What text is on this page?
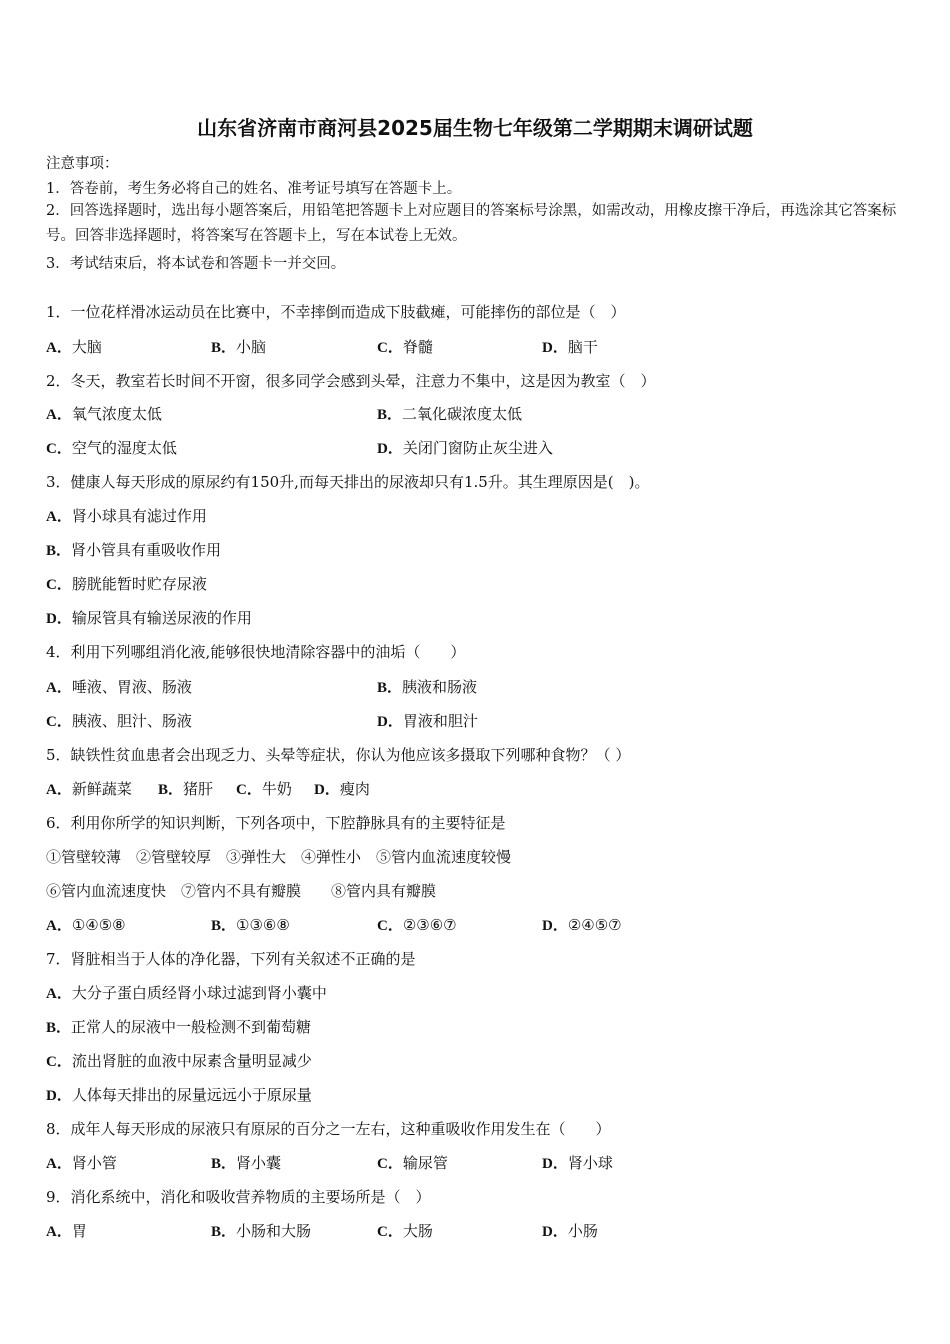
山东省济南市商河县2025届生物七年级第二学期期末调研试题
注意事项：
1．答卷前，考生务必将自己的姓名、准考证号填写在答题卡上。
2．回答选择题时，选出每小题答案后，用铅笔把答题卡上对应题目的答案标号涂黑，如需改动，用橡皮擦干净后，再选涂其它答案标号。回答非选择题时，将答案写在答题卡上，写在本试卷上无效。
3．考试结束后，将本试卷和答题卡一并交回。
1．一位花样滑冰运动员在比赛中，不幸摔倒而造成下肢截瘫，可能摔伤的部位是（　）
A．大脑	B．小脑	C．脊髓	D．脑干
2．冬天，教室若长时间不开窗，很多同学会感到头晕，注意力不集中，这是因为教室（　）
A．氧气浓度太低	B．二氧化碳浓度太低
C．空气的湿度太低	D．关闭门窗防止灰尘进入
3．健康人每天形成的原尿约有150升,而每天排出的尿液却只有1.5升。其生理原因是(　)。
A．肾小球具有滤过作用
B．肾小管具有重吸收作用
C．膀胱能暂时贮存尿液
D．输尿管具有输送尿液的作用
4．利用下列哪组消化液,能够很快地清除容器中的油垢（　　）
A．唾液、胃液、肠液	B．胰液和肠液
C．胰液、胆汁、肠液	D．胃液和胆汁
5．缺铁性贫血患者会出现乏力、头晕等症状，你认为他应该多摄取下列哪种食物？（ ）
A．新鲜蔬菜 B．猪肝 C．牛奶 D．瘦肉
6．利用你所学的知识判断，下列各项中，下腔静脉具有的主要特征是
①管壁较薄　②管壁较厚　③弹性大　④弹性小　⑤管内血流速度较慢
⑥管内血流速度快　⑦管内不具有瓣膜　　⑧管内具有瓣膜
A．①④⑤⑧	B．①③⑥⑧	C．②③⑥⑦	D．②④⑤⑦
7．肾脏相当于人体的净化器，下列有关叙述不正确的是
A．大分子蛋白质经肾小球过滤到肾小囊中
B．正常人的尿液中一般检测不到葡萄糖
C．流出肾脏的血液中尿素含量明显减少
D．人体每天排出的尿量远远小于原尿量
8．成年人每天形成的尿液只有原尿的百分之一左右，这种重吸收作用发生在（　　）
A．肾小管	B．肾小囊	C．输尿管	D．肾小球
9．消化系统中，消化和吸收营养物质的主要场所是（　）
A．胃	B．小肠和大肠	C．大肠	D．小肠
